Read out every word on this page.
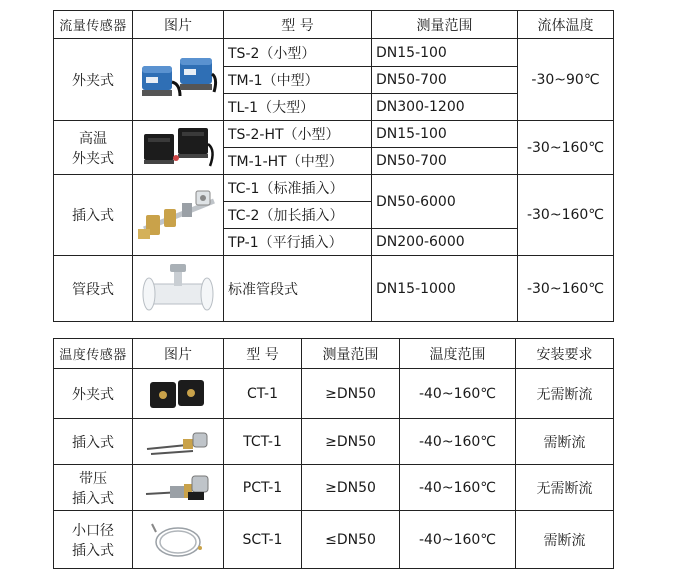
流量传感器	图片	型 号	测量范围	流体温度
外夹式		TS-2（小型）	DN15-100	-30~90℃
		TM-1（中型）	DN50-700	
		TL-1（大型）	DN300-1200	

高温
外夹式		TS-2-HT（小型）	DN15-100	-30~160℃
		TM-1-HT（中型）	DN50-700	
插入式		TC-1（标准插入）	DN50-6000	-30~160℃
		TC-2（加长插入）		
		TP-1（平行插入）	DN200-6000	
管段式		标准管段式	DN15-1000	-30~160℃
温度传感器	图片	型 号	测量范围	温度范围	安装要求
外夹式		CT-1	≥DN50	-40~160℃	无需断流
插入式		TCT-1	≥DN50	-40~160℃	需断流

带压
插入式		PCT-1	≥DN50	-40~160℃	无需断流

小口径
插入式		SCT-1	≤DN50	-40~160℃	需断流
